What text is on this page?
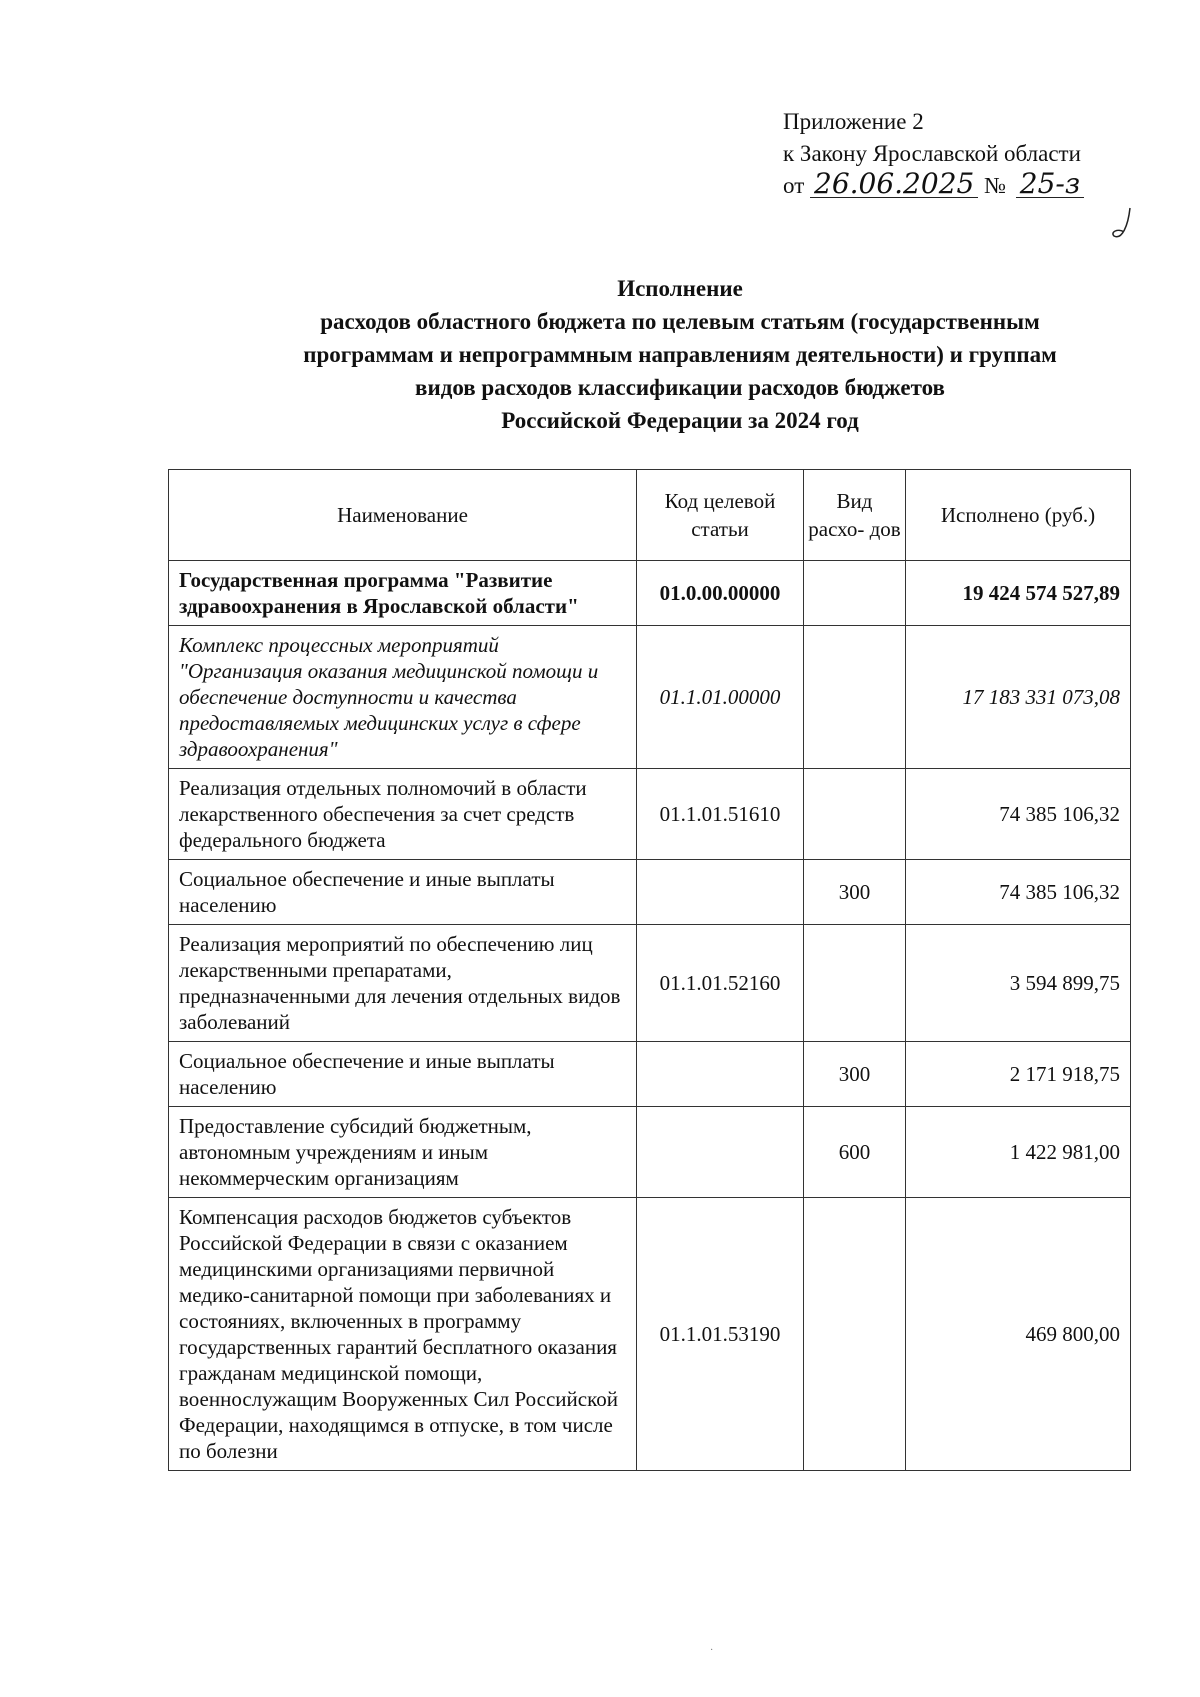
Приложение 2
к Закону Ярославской области
от 26.06.2025 № 25-з
Исполнение
расходов областного бюджета по целевым статьям (государственным
программам и непрограммным направлениям деятельности) и группам
видов расходов классификации расходов бюджетов
Российской Федерации за 2024 год
Наименование	Код целевой статьи	Вид расхо- дов	Исполнено (руб.)
Государственная программа "Развитие здравоохранения в Ярославской области"	01.0.00.00000		19 424 574 527,89
Комплекс процессных мероприятий "Организация оказания медицинской помощи и обеспечение доступности и качества предоставляемых медицинских услуг в сфере здравоохранения"	01.1.01.00000		17 183 331 073,08
Реализация отдельных полномочий в области лекарственного обеспечения за счет средств федерального бюджета	01.1.01.51610		74 385 106,32
Социальное обеспечение и иные выплаты населению		300	74 385 106,32
Реализация мероприятий по обеспечению лиц лекарственными препаратами, предназначенными для лечения отдельных видов заболеваний	01.1.01.52160		3 594 899,75
Социальное обеспечение и иные выплаты населению		300	2 171 918,75
Предоставление субсидий бюджетным, автономным учреждениям и иным некоммерческим организациям		600	1 422 981,00
Компенсация расходов бюджетов субъектов Российской Федерации в связи с оказанием медицинскими организациями первичной медико-санитарной помощи при заболеваниях и состояниях, включенных в программу государственных гарантий бесплатного оказания гражданам медицинской помощи, военнослужащим Вооруженных Сил Российской Федерации, находящимся в отпуске, в том числе по болезни	01.1.01.53190		469 800,00
·
